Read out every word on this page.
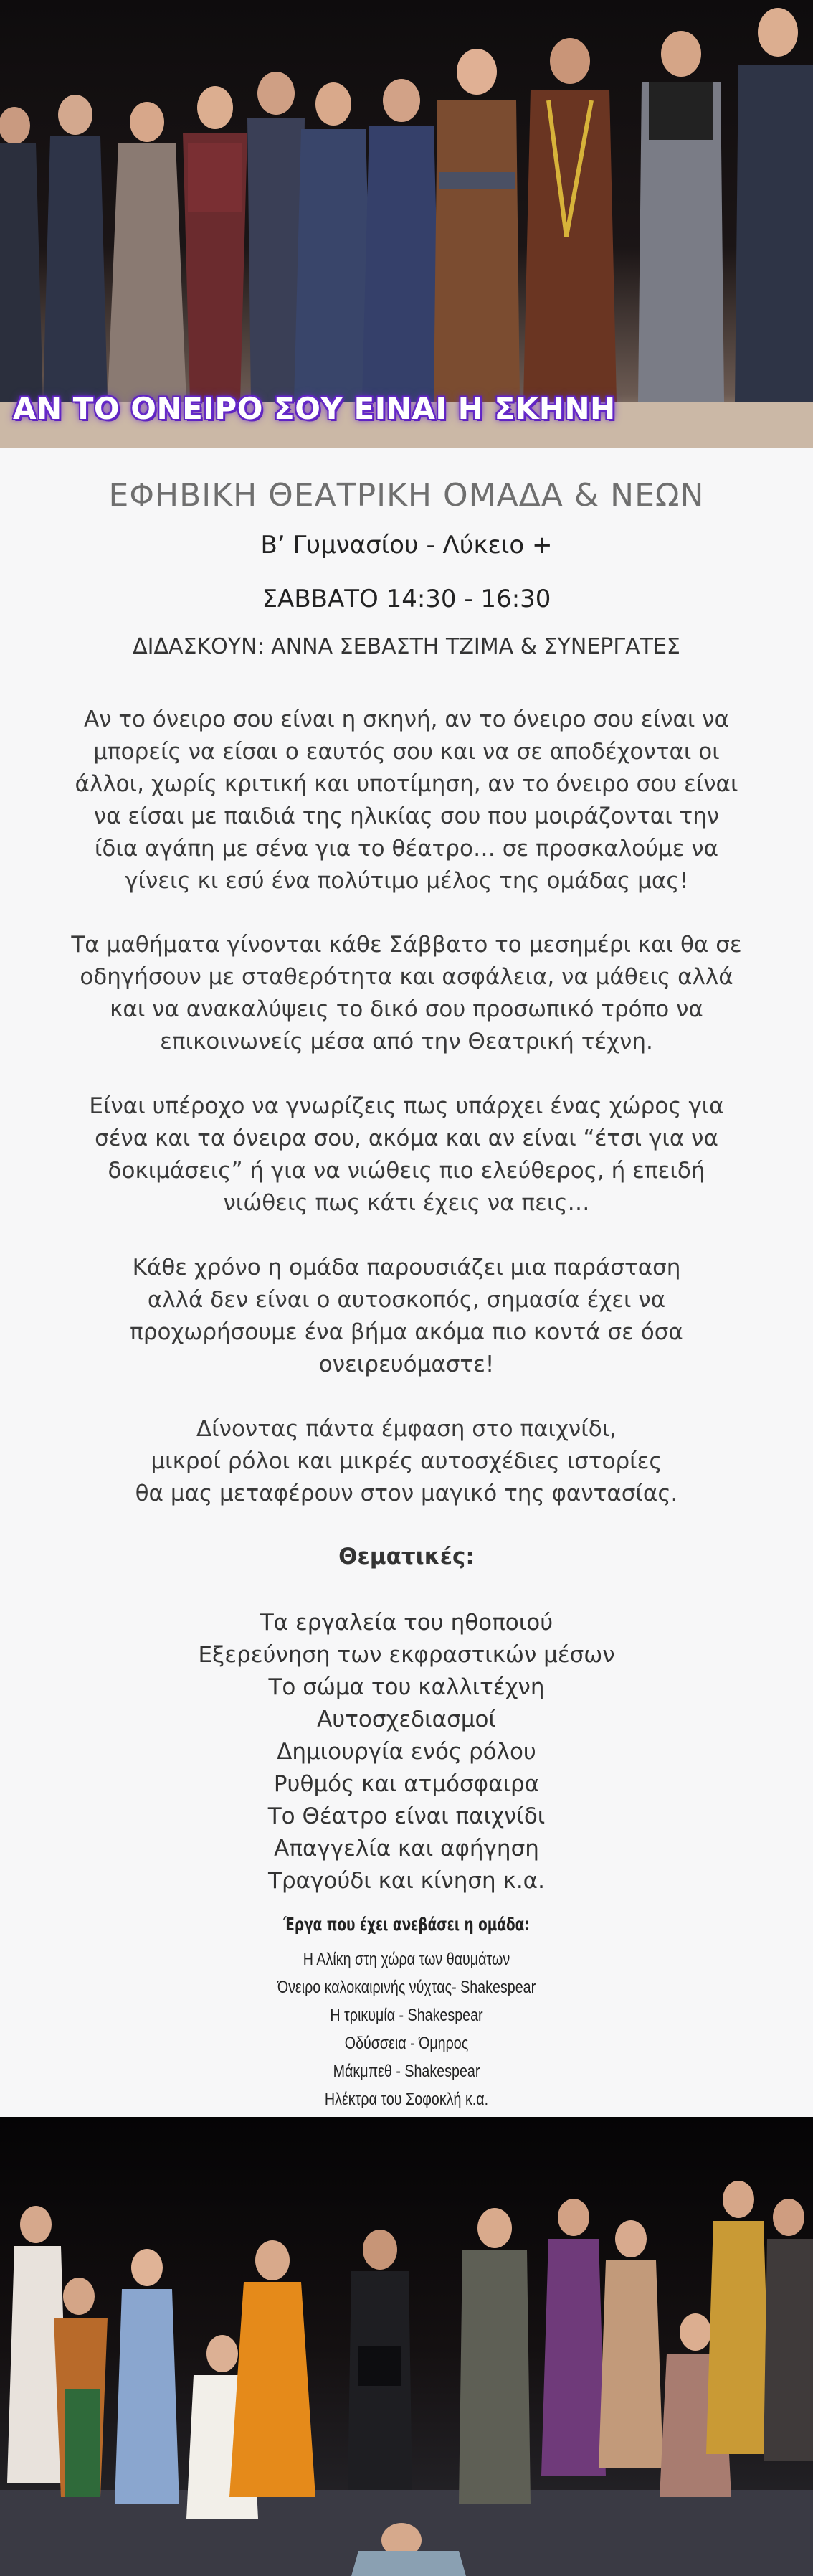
ΑΝ ΤΟ ΟΝΕΙΡΟ ΣΟΥ ΕΙΝΑΙ Η ΣΚΗΝΗ
ΕΦΗΒΙΚΗ ΘΕΑΤΡΙΚΗ ΟΜΑΔΑ & ΝΕΩΝ
Β’ Γυμνασίου - Λύκειο +
ΣΑΒΒΑΤΟ 14:30 - 16:30
ΔΙΔΑΣΚΟΥΝ: ΑΝΝΑ ΣΕΒΑΣΤΗ ΤΖΙΜΑ & ΣΥΝΕΡΓΑΤΕΣ
Αν το όνειρο σου είναι η σκηνή, αν το όνειρο σου είναι να
μπορείς να είσαι ο εαυτός σου και να σε αποδέχονται οι
άλλοι, χωρίς κριτική και υποτίμηση, αν το όνειρο σου είναι
να είσαι με παιδιά της ηλικίας σου που μοιράζονται την
ίδια αγάπη με σένα για το θέατρο… σε προσκαλούμε να
γίνεις κι εσύ ένα πολύτιμο μέλος της ομάδας μας!
Τα μαθήματα γίνονται κάθε Σάββατο το μεσημέρι και θα σε
οδηγήσουν με σταθερότητα και ασφάλεια, να μάθεις αλλά
και να ανακαλύψεις το δικό σου προσωπικό τρόπο να
επικοινωνείς μέσα από την Θεατρική τέχνη.
Είναι υπέροχο να γνωρίζεις πως υπάρχει ένας χώρος για
σένα και τα όνειρα σου, ακόμα και αν είναι “έτσι για να
δοκιμάσεις” ή για να νιώθεις πιο ελεύθερος, ή επειδή
νιώθεις πως κάτι έχεις να πεις…
Κάθε χρόνο η ομάδα παρουσιάζει μια παράσταση
αλλά δεν είναι ο αυτοσκοπός, σημασία έχει να
προχωρήσουμε ένα βήμα ακόμα πιο κοντά σε όσα
ονειρευόμαστε!
Δίνοντας πάντα έμφαση στο παιχνίδι,
μικροί ρόλοι και μικρές αυτοσχέδιες ιστορίες
θα μας μεταφέρουν στον μαγικό της φαντασίας.
Θεματικές:
Τα εργαλεία του ηθοποιού
Εξερεύνηση των εκφραστικών μέσων
Το σώμα του καλλιτέχνη
Αυτοσχεδιασμοί
Δημιουργία ενός ρόλου
Ρυθμός και ατμόσφαιρα
Το Θέατρο είναι παιχνίδι
Απαγγελία και αφήγηση
Τραγούδι και κίνηση κ.α.
Έργα που έχει ανεβάσει η ομάδα:
Η Αλίκη στη χώρα των θαυμάτων
Όνειρο καλοκαιρινής νύχτας- Shakespear
Η τρικυμία - Shakespear
Οδύσσεια - Όμηρος
Μάκμπεθ - Shakespear
Ηλέκτρα του Σοφοκλή κ.α.
